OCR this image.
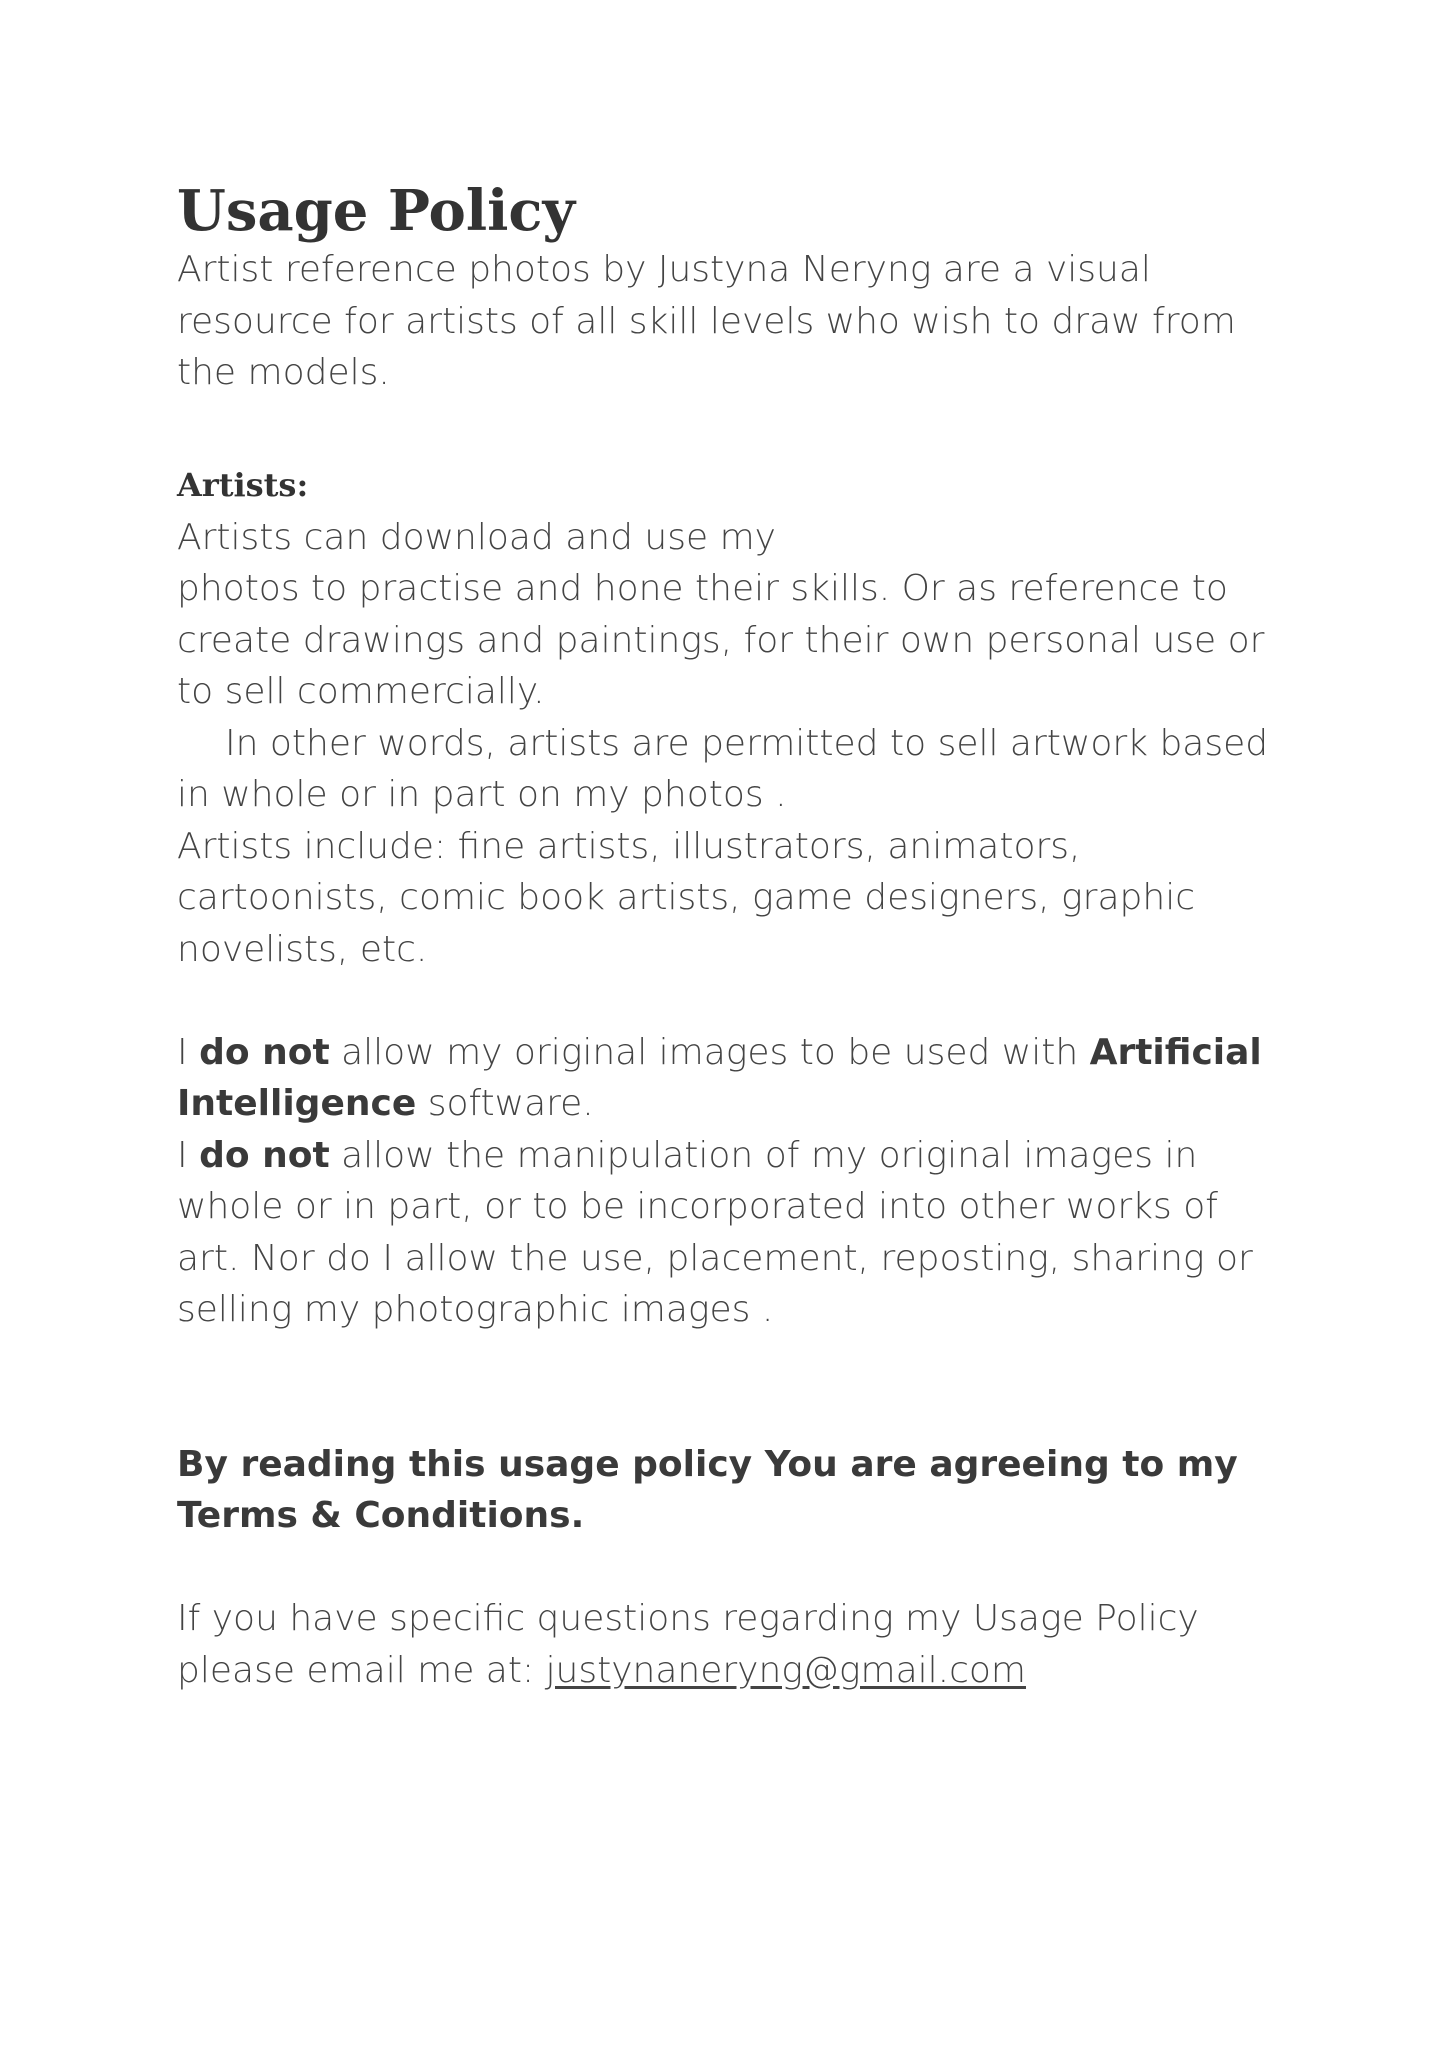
Usage Policy
Artist reference photos by Justyna Neryng are a visual
resource for artists of all skill levels who wish to draw from
the models.
Artists:
Artists can download and use my
photos to practise and hone their skills. Or as reference to
create drawings and paintings, for their own personal use or
to sell commercially.
In other words, artists are permitted to sell artwork based
in whole or in part on my photos .
Artists include: fine artists, illustrators, animators,
cartoonists, comic book artists, game designers, graphic
novelists, etc.
I do not allow my original images to be used with Artificial
Intelligence software.
I do not allow the manipulation of my original images in
whole or in part, or to be incorporated into other works of
art. Nor do I allow the use, placement, reposting, sharing or
selling my photographic images .
By reading this usage policy You are agreeing to my
Terms & Conditions.
If you have specific questions regarding my Usage Policy
please email me at: justynaneryng@gmail.com
